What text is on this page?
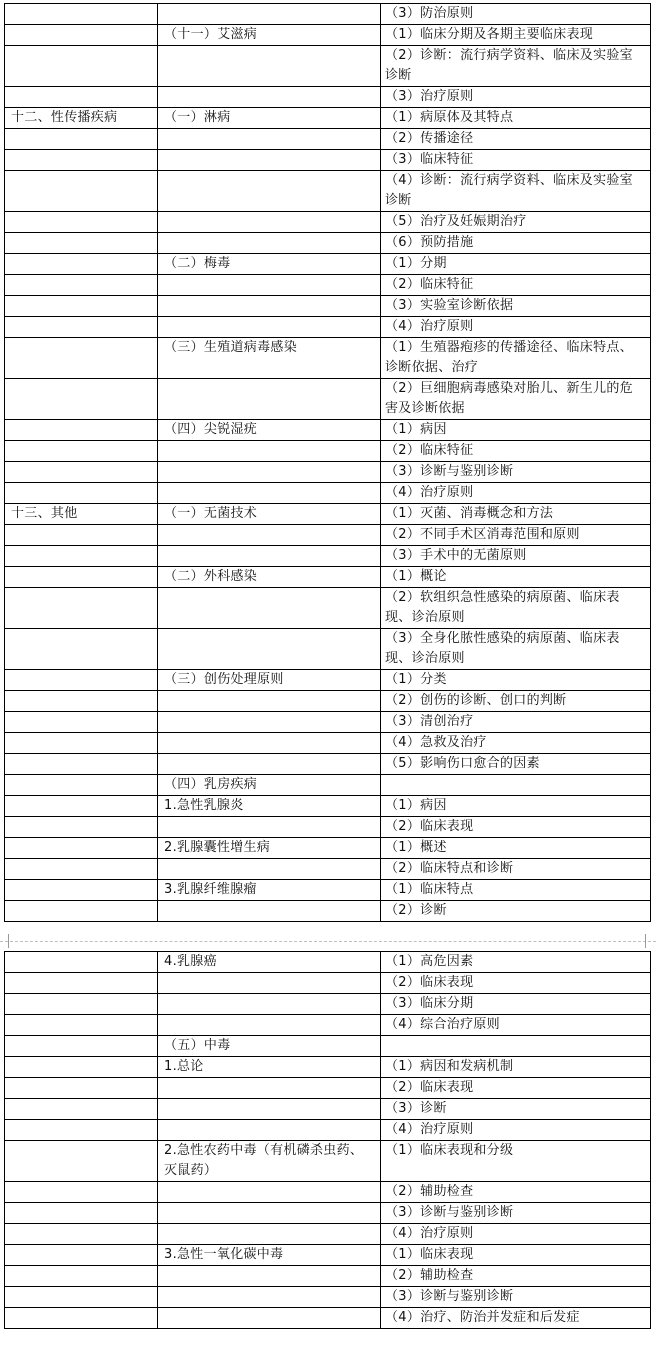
		（3）防治原则
	（十一）艾滋病	（1）临床分期及各期主要临床表现
		（2）诊断：流行病学资料、临床及实验室诊断
		（3）治疗原则
十二、性传播疾病	（一）淋病	（1）病原体及其特点
		（2）传播途径
		（3）临床特征
		（4）诊断：流行病学资料、临床及实验室诊断
		（5）治疗及妊娠期治疗
		（6）预防措施
	（二）梅毒	（1）分期
		（2）临床特征
		（3）实验室诊断依据
		（4）治疗原则
	（三）生殖道病毒感染	（1）生殖器疱疹的传播途径、临床特点、诊断依据、治疗
		（2）巨细胞病毒感染对胎儿、新生儿的危害及诊断依据
	（四）尖锐湿疣	（1）病因
		（2）临床特征
		（3）诊断与鉴别诊断
		（4）治疗原则
十三、其他	（一）无菌技术	（1）灭菌、消毒概念和方法
		（2）不同手术区消毒范围和原则
		（3）手术中的无菌原则
	（二）外科感染	（1）概论
		（2）软组织急性感染的病原菌、临床表现、诊治原则
		（3）全身化脓性感染的病原菌、临床表现、诊治原则
	（三）创伤处理原则	（1）分类
		（2）创伤的诊断、创口的判断
		（3）清创治疗
		（4）急救及治疗
		（5）影响伤口愈合的因素
	（四）乳房疾病	
	1.急性乳腺炎	（1）病因
		（2）临床表现
	2.乳腺囊性增生病	（1）概述
		（2）临床特点和诊断
	3.乳腺纤维腺瘤	（1）临床特点
		（2）诊断
	4.乳腺癌	（1）高危因素
		（2）临床表现
		（3）临床分期
		（4）综合治疗原则
	（五）中毒	
	1.总论	（1）病因和发病机制
		（2）临床表现
		（3）诊断
		（4）治疗原则
	2.急性农药中毒（有机磷杀虫药、灭鼠药）	（1）临床表现和分级
		（2）辅助检查
		（3）诊断与鉴别诊断
		（4）治疗原则
	3.急性一氧化碳中毒	（1）临床表现
		（2）辅助检查
		（3）诊断与鉴别诊断
		（4）治疗、防治并发症和后发症
